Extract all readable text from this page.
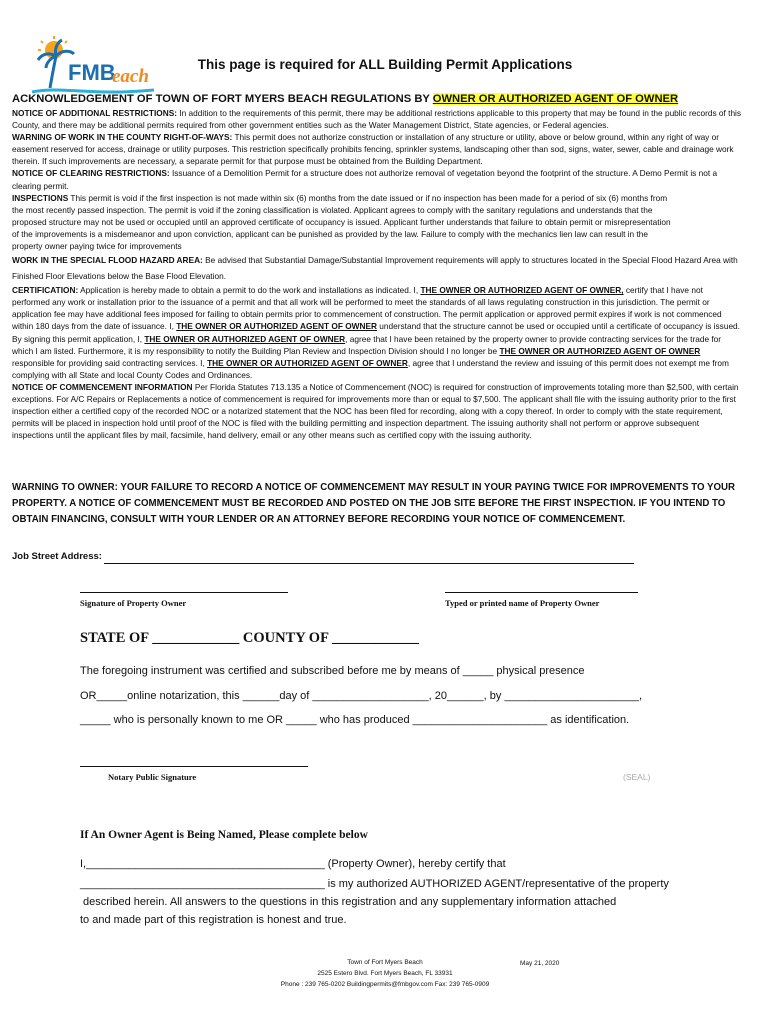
FMB
each
This page is required for ALL Building Permit Applications
ACKNOWLEDGEMENT OF TOWN OF FORT MYERS BEACH REGULATIONS BY OWNER OR AUTHORIZED AGENT OF OWNER

NOTICE OF ADDITIONAL RESTRICTIONS: In addition to the requirements of this permit, there may be additional restrictions applicable to this property that may be found in the public records of this County, and there may be additional permits required from other government entities such as the Water Management District, State agencies, or Federal agencies.

WARNING OF WORK IN THE COUNTY RIGHT-OF-WAYS: This permit does not authorize construction or installation of any structure or utility, above or below ground, within any right of way or easement reserved for access, drainage or utility purposes. This restriction specifically prohibits fencing, sprinkler systems, landscaping other than sod, signs, water, sewer, cable and drainage work therein. If such improvements are necessary, a separate permit for that purpose must be obtained from the Building Department.

NOTICE OF CLEARING RESTRICTIONS: Issuance of a Demolition Permit for a structure does not authorize removal of vegetation beyond the footprint of the structure. A Demo Permit is not a clearing permit.

INSPECTIONS This permit is void if the first inspection is not made within six (6) months from the date issued or if no inspection has been made for a period of six (6) months from the most recently passed inspection. The permit is void if the zoning classification is violated. Applicant agrees to comply with the sanitary regulations and understands that the proposed structure may not be used or occupied until an approved certificate of occupancy is issued. Applicant further understands that failure to obtain permit or misrepresentation of the improvements is a misdemeanor and upon conviction, applicant can be punished as provided by the law. Failure to comply with the mechanics lien law can result in the property owner paying twice for improvements

WORK IN THE SPECIAL FLOOD HAZARD AREA: Be advised that Substantial Damage/Substantial Improvement requirements will apply to structures located in the Special Flood Hazard Area with Finished Floor Elevations below the Base Flood Elevation.

CERTIFICATION: Application is hereby made to obtain a permit to do the work and installations as indicated. I, THE OWNER OR AUTHORIZED AGENT OF OWNER, certify that I have not performed any work or installation prior to the issuance of a permit and that all work will be performed to meet the standards of all laws regulating construction in this jurisdiction. The permit or application fee may have additional fees imposed for failing to obtain permits prior to commencement of construction. The permit application or approved permit expires if work is not commenced within 180 days from the date of issuance. I, THE OWNER OR AUTHORIZED AGENT OF OWNER understand that the structure cannot be used or occupied until a certificate of occupancy is issued. By signing this permit application, I, THE OWNER OR AUTHORIZED AGENT OF OWNER, agree that I have been retained by the property owner to provide contracting services for the trade for which I am listed. Furthermore, it is my responsibility to notify the Building Plan Review and Inspection Division should I no longer be THE OWNER OR AUTHORIZED AGENT OF OWNER responsible for providing said contracting services. I, THE OWNER OR AUTHORIZED AGENT OF OWNER, agree that I understand the review and issuing of this permit does not exempt me from complying with all State and local County Codes and Ordinances.

NOTICE OF COMMENCEMENT INFORMATION Per Florida Statutes 713.135 a Notice of Commencement (NOC) is required for construction of improvements totaling more than $2,500, with certain exceptions. For A/C Repairs or Replacements a notice of commencement is required for improvements more than or equal to $7,500. The applicant shall file with the issuing authority prior to the first inspection either a certified copy of the recorded NOC or a notarized statement that the NOC has been filed for recording, along with a copy thereof. In order to comply with the state requirement, permits will be placed in inspection hold until proof of the NOC is filed with the building permitting and inspection department. The issuing authority shall not perform or approve subsequent inspections until the applicant files by mail, facsimile, hand delivery, email or any other means such as certified copy with the issuing authority.

WARNING TO OWNER: YOUR FAILURE TO RECORD A NOTICE OF COMMENCEMENT MAY RESULT IN YOUR PAYING TWICE FOR IMPROVEMENTS TO YOUR PROPERTY. A NOTICE OF COMMENCEMENT MUST BE RECORDED AND POSTED ON THE JOB SITE BEFORE THE FIRST INSPECTION. IF YOU INTEND TO OBTAIN FINANCING, CONSULT WITH YOUR LENDER OR AN ATTORNEY BEFORE RECORDING YOUR NOTICE OF COMMENCEMENT.
Job Street Address:
Signature of Property Owner	Typed or printed name of Property Owner
STATE OF ____________ COUNTY OF ____________
The foregoing instrument was certified and subscribed before me by means of _____ physical presence
OR_____online notarization, this ______day of ___________________, 20______, by ______________________,
_____ who is personally known to me OR _____ who has produced ______________________ as identification.
Notary Public Signature	(SEAL)
If An Owner Agent is Being Named, Please complete below
I,_______________________________________ (Property Owner), hereby certify that
________________________________________ is my authorized AUTHORIZED AGENT/representative of the property
described herein. All answers to the questions in this registration and any supplementary information attached
to and made part of this registration is honest and true.
Town of Fort Myers Beach
2525 Estero Blvd. Fort Myers Beach, FL 33931
Phone : 239 765-0202 Buildingpermits@fmbgov.com Fax: 239 765-0909
May 21, 2020
